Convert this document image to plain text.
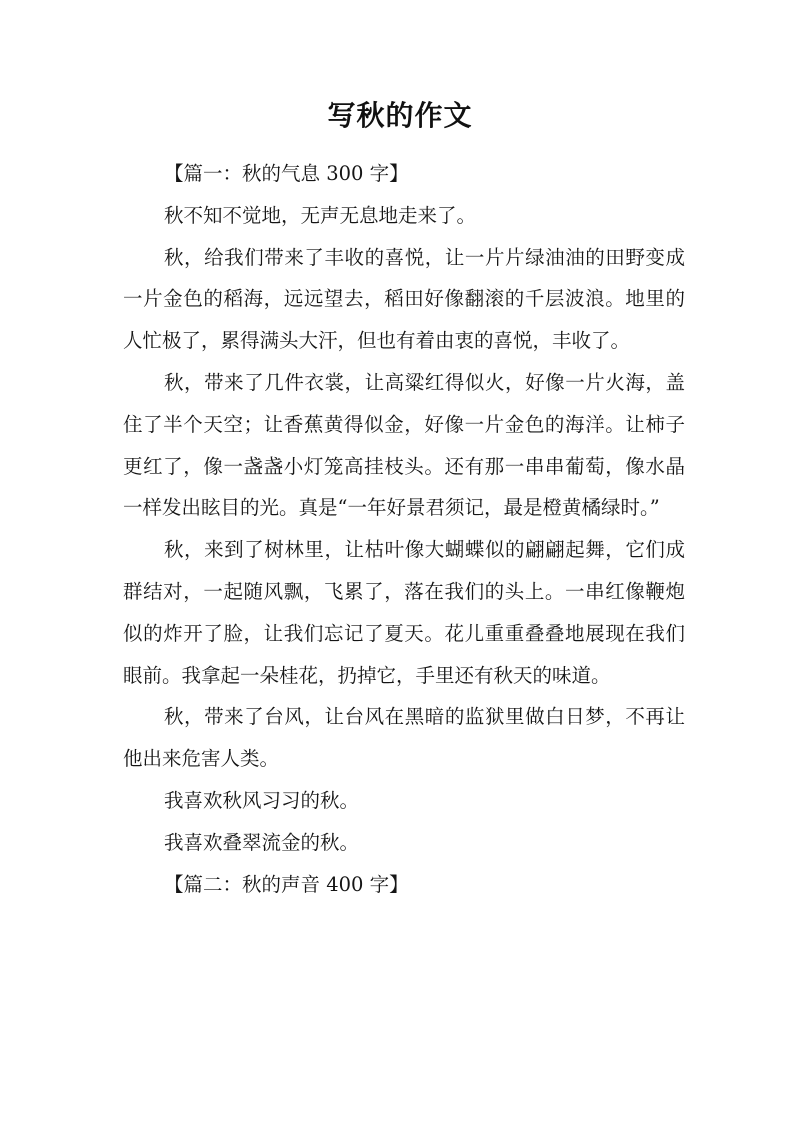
写秋的作文

【篇一：秋的气息 300 字】

秋不知不觉地，无声无息地走来了。

秋，给我们带来了丰收的喜悦，让一片片绿油油的田野变成一片金色的稻海，远远望去，稻田好像翻滚的千层波浪。地里的人忙极了，累得满头大汗，但也有着由衷的喜悦，丰收了。

秋，带来了几件衣裳，让高粱红得似火，好像一片火海，盖住了半个天空；让香蕉黄得似金，好像一片金色的海洋。让柿子更红了，像一盏盏小灯笼高挂枝头。还有那一串串葡萄，像水晶一样发出眩目的光。真是“一年好景君须记，最是橙黄橘绿时。”

秋，来到了树林里，让枯叶像大蝴蝶似的翩翩起舞，它们成群结对，一起随风飘，飞累了，落在我们的头上。一串红像鞭炮似的炸开了脸，让我们忘记了夏天。花儿重重叠叠地展现在我们眼前。我拿起一朵桂花，扔掉它，手里还有秋天的味道。

秋，带来了台风，让台风在黑暗的监狱里做白日梦，不再让他出来危害人类。

我喜欢秋风习习的秋。

我喜欢叠翠流金的秋。

【篇二：秋的声音 400 字】
